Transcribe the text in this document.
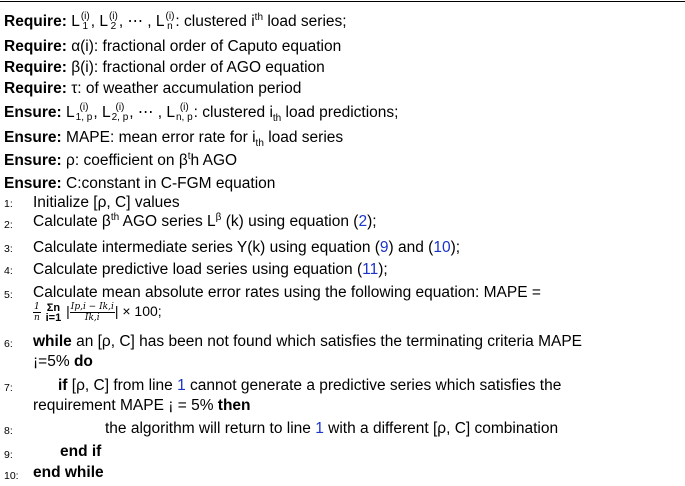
Require: L(i)
1 , L(i)
2 , ⋯ , L(i)
n : clustered $i^{th}$ load series;
Require: α(i): fractional order of Caputo equation
Require: β(i): fractional order of AGO equation
Require: τ: of weather accumulation period
Ensure: L (i)
1, p, L (i)
2, p, ⋯ , L (i)
n, p: clustered $i_{th}$ load predictions;
Ensure: MAPE: mean error rate for $i_{th}$ load series
Ensure: ρ: coefficient on $\beta^th$ AGO
Ensure: C:constant in C-FGM equation
1: Initialize [ρ, C] values
2: Calculate $\beta^{th}$ AGO series $L^\beta$ (k) using equation (2);
3: Calculate intermediate series Y(k) using equation (9) and (10);
4: Calculate predictive load series using equation (11);
5: Calculate mean absolute error rates using the following equation: MAPE =
$\frac{1}{n}$ Σn
i=1 | $\frac{Ip,i - Ik,i}{Ik,i}$ | × 100;
6: while an [ρ, C] has been not found which satisfies the terminating criteria MAPE
¡=5% do
7:	if [ρ, C] from line 1 cannot generate a predictive series which satisfies the
requirement MAPE ¡ = 5% then
8:	the algorithm will return to line 1 with a different [ρ, C] combination
9:	end if
10: end while
